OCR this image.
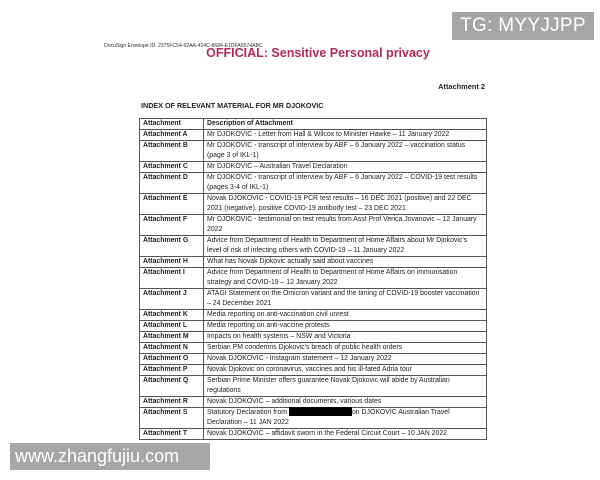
DocuSign Envelope ID: 2375FC54-92AA-424C-8684-E1DFA5574ABC
OFFICIAL: Sensitive Personal privacy
Attachment 2
INDEX OF RELEVANT MATERIAL FOR MR DJOKOVIC
Attachment	Description of Attachment
Attachment A	Mr DJOKOVIC - Letter from Hall & Wilcox to Minister Hawke – 11 January 2022
Attachment B	Mr DJOKOVIC - transcript of interview by ABF – 6 January 2022 – vaccination status (page 3 of IKL-1)
Attachment C	Mr DJOKOVIC – Australian Travel Declaration
Attachment D	Mr DJOKOVIC - transcript of interview by ABF – 6 January 2022 – COVID-19 test results (pages 3-4 of IKL-1)
Attachment E	Novak DJOKOVIC - COVID-19 PCR test results – 16 DEC 2021 (positive) and 22 DEC 2021 (negative), positive COVID-19 antibody test – 23 DEC 2021
Attachment F	Mr DJOKOVIC - testimonial on test results from Asst Prof Verica Jovanovic – 12 January 2022
Attachment G	Advice from Department of Health to Department of Home Affairs about Mr Djokovic's level of risk of infecting others with COVID-19 – 11 January 2022
Attachment H	What has Novak Djokovic actually said about vaccines
Attachment I	Advice from Department of Health to Department of Home Affairs on immunisation strategy and COVID-19 – 12 January 2022
Attachment J	ATAGI Statement on the Omicron variant and the timing of COVID-19 booster vaccination – 24 December 2021
Attachment K	Media reporting on anti-vaccination civil unrest
Attachment L	Media reporting on anti-vaccine protests
Attachment M	Impacts on health systems – NSW and Victoria
Attachment N	Serbian PM condemns Djokovic's breach of public health orders
Attachment O	Novak DJOKOVIC - Instagram statement – 12 January 2022
Attachment P	Novak Djokovic on coronavirus, vaccines and his ill-fated Adria tour
Attachment Q	Serbian Prime Minister offers guarantee Novak Djokovic will abide by Australian regulations
Attachment R	Novak DJOKOVIC – additional documents, various dates
Attachment S	Statutory Declaration from on DJOKOVIC Australian Travel Declaration – 11 JAN 2022
Attachment T	Novak DJOKOVIC – affidavit sworn in the Federal Circuit Court – 10 JAN 2022
TG: MYYJJPP
www.zhangfujiu.com
